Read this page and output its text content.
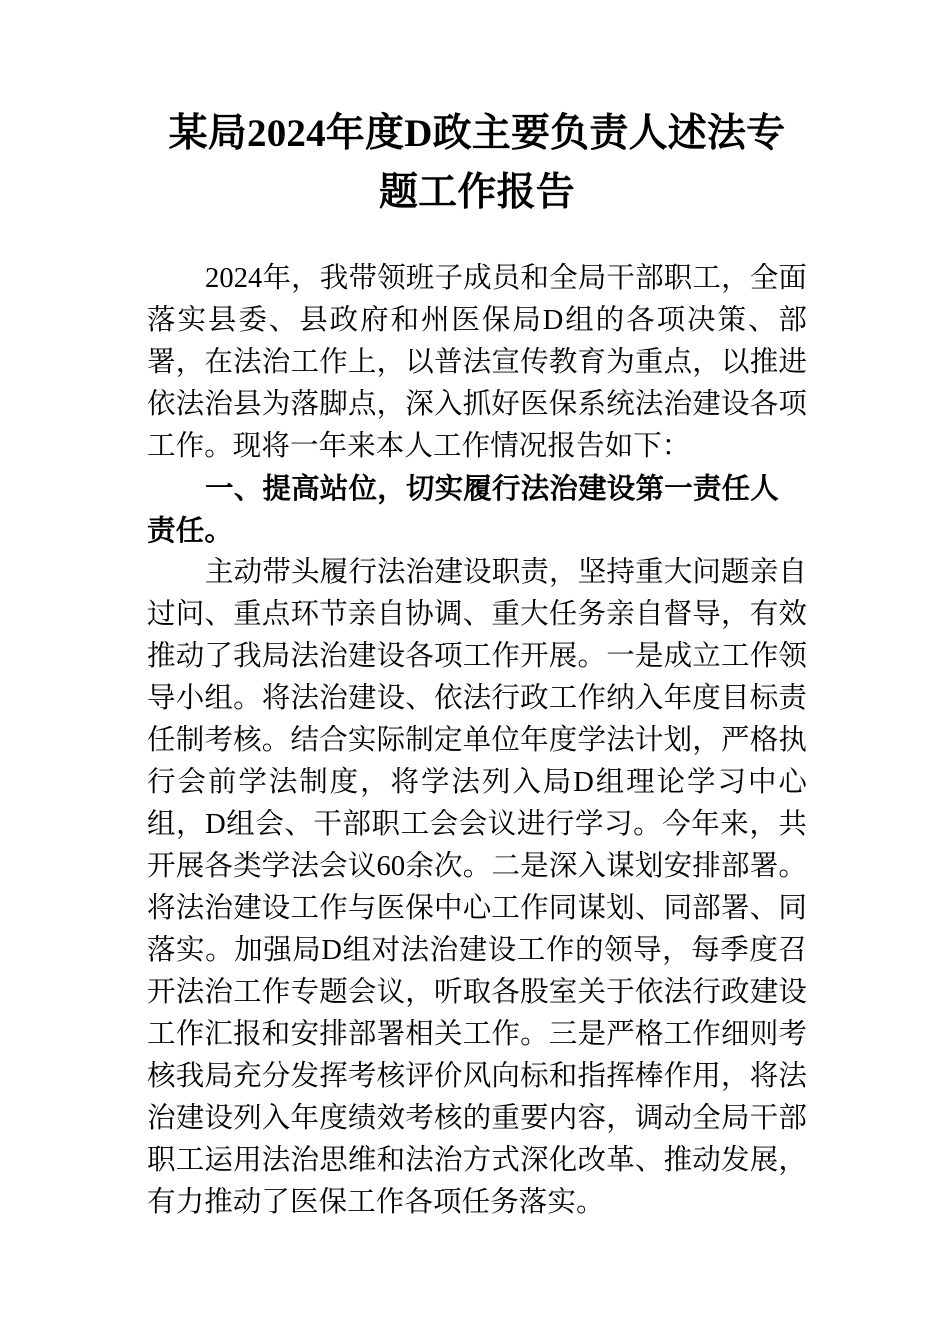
某局2024年度D政主要负责人述法专题工作报告

2024年，我带领班子成员和全局干部职工，全面落实县委、县政府和州医保局D组的各项决策、部署，在法治工作上，以普法宣传教育为重点，以推进依法治县为落脚点，深入抓好医保系统法治建设各项工作。现将一年来本人工作情况报告如下：

一、提高站位，切实履行法治建设第一责任人责任。

主动带头履行法治建设职责，坚持重大问题亲自过问、重点环节亲自协调、重大任务亲自督导，有效推动了我局法治建设各项工作开展。一是成立工作领导小组。将法治建设、依法行政工作纳入年度目标责任制考核。结合实际制定单位年度学法计划，严格执行会前学法制度，将学法列入局D组理论学习中心组，D组会、干部职工会会议进行学习。今年来，共开展各类学法会议60余次。二是深入谋划安排部署。将法治建设工作与医保中心工作同谋划、同部署、同落实。加强局D组对法治建设工作的领导，每季度召开法治工作专题会议，听取各股室关于依法行政建设工作汇报和安排部署相关工作。三是严格工作细则考核我局充分发挥考核评价风向标和指挥棒作用，将法治建设列入年度绩效考核的重要内容，调动全局干部职工运用法治思维和法治方式深化改革、推动发展，有力推动了医保工作各项任务落实。
